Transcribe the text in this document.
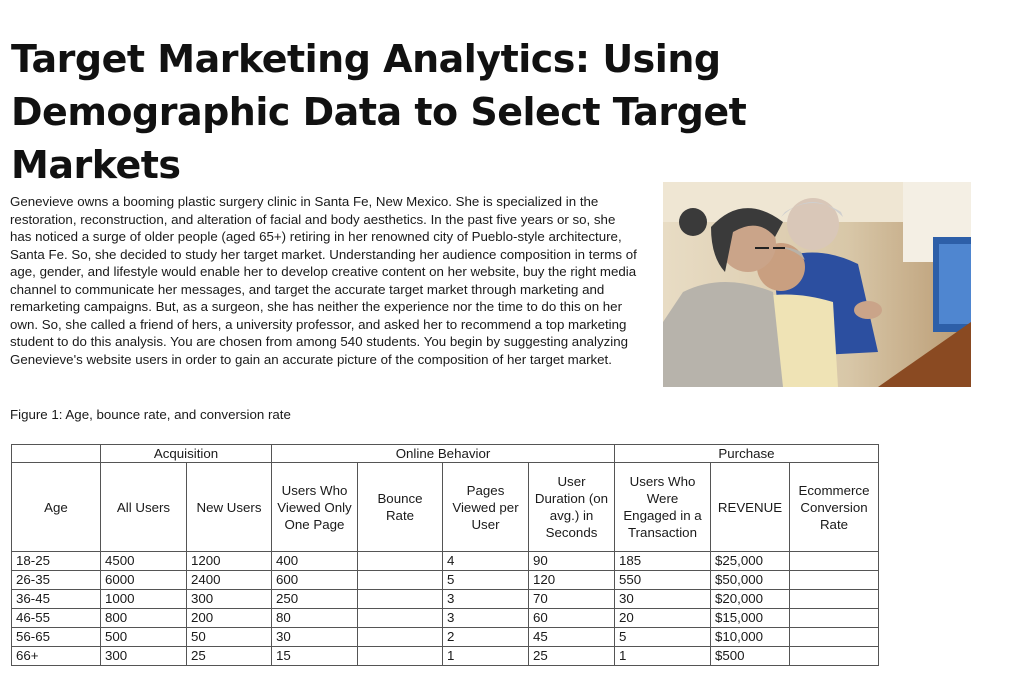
Target Marketing Analytics: Using Demographic Data to Select Target Markets

Genevieve owns a booming plastic surgery clinic in Santa Fe, New Mexico. She is specialized in the restoration, reconstruction, and alteration of facial and body aesthetics. In the past five years or so, she has noticed a surge of older people (aged 65+) retiring in her renowned city of Pueblo-style architecture, Santa Fe. So, she decided to study her target market. Understanding her audience composition in terms of age, gender, and lifestyle would enable her to develop creative content on her website, buy the right media channel to communicate her messages, and target the accurate target market through marketing and remarketing campaigns. But, as a surgeon, she has neither the experience nor the time to do this on her own. So, she called a friend of hers, a university professor, and asked her to recommend a top marketing student to do this analysis. You are chosen from among 540 students. You begin by suggesting analyzing Genevieve's website users in order to gain an accurate picture of the composition of her target market.

Figure 1: Age, bounce rate, and conversion rate
	Acquisition		Online Behavior				Purchase		
Age	All Users	New Users	Users Who Viewed Only One Page	Bounce Rate	Pages Viewed per User	User Duration (on avg.) in Seconds	Users Who Were Engaged in a Transaction	REVENUE	Ecommerce Conversion Rate
18-25	4500	1200	400		4	90	185	$25,000	
26-35	6000	2400	600		5	120	550	$50,000	
36-45	1000	300	250		3	70	30	$20,000	
46-55	800	200	80		3	60	20	$15,000	
56-65	500	50	30		2	45	5	$10,000	
66+	300	25	15		1	25	1	$500	
